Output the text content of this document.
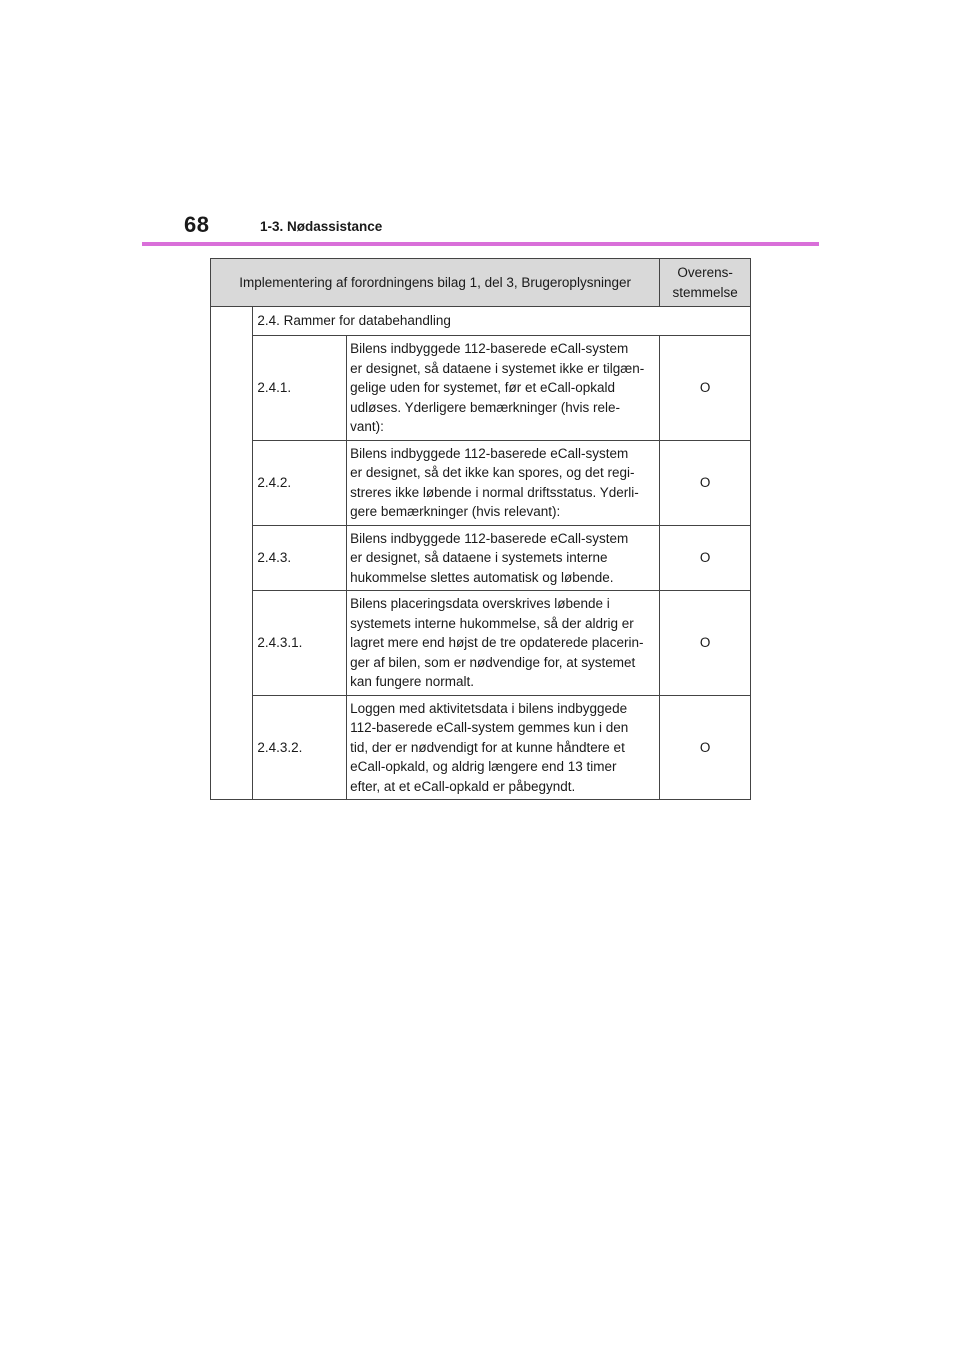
68	1-3. Nødassistance
Implementering af forordningens bilag 1, del 3, Brugeroplysninger			Overens-
stemmelse

	2.4. Rammer for databehandling		
	2.4.1.	Bilens indbyggede 112-baserede eCall-system
er designet, så dataene i systemet ikke er tilgæn-
gelige uden for systemet, før et eCall-opkald
udløses. Yderligere bemærkninger (hvis rele-
vant):	O
	2.4.2.	Bilens indbyggede 112-baserede eCall-system
er designet, så det ikke kan spores, og det regi-
streres ikke løbende i normal driftsstatus. Yderli-
gere bemærkninger (hvis relevant):	O
	2.4.3.	Bilens indbyggede 112-baserede eCall-system
er designet, så dataene i systemets interne
hukommelse slettes automatisk og løbende.	O
	2.4.3.1.	Bilens placeringsdata overskrives løbende i
systemets interne hukommelse, så der aldrig er
lagret mere end højst de tre opdaterede placerin-
ger af bilen, som er nødvendige for, at systemet
kan fungere normalt.	O
	2.4.3.2.	Loggen med aktivitetsdata i bilens indbyggede
112-baserede eCall-system gemmes kun i den
tid, der er nødvendigt for at kunne håndtere et
eCall-opkald, og aldrig længere end 13 timer
efter, at et eCall-opkald er påbegyndt.	O
